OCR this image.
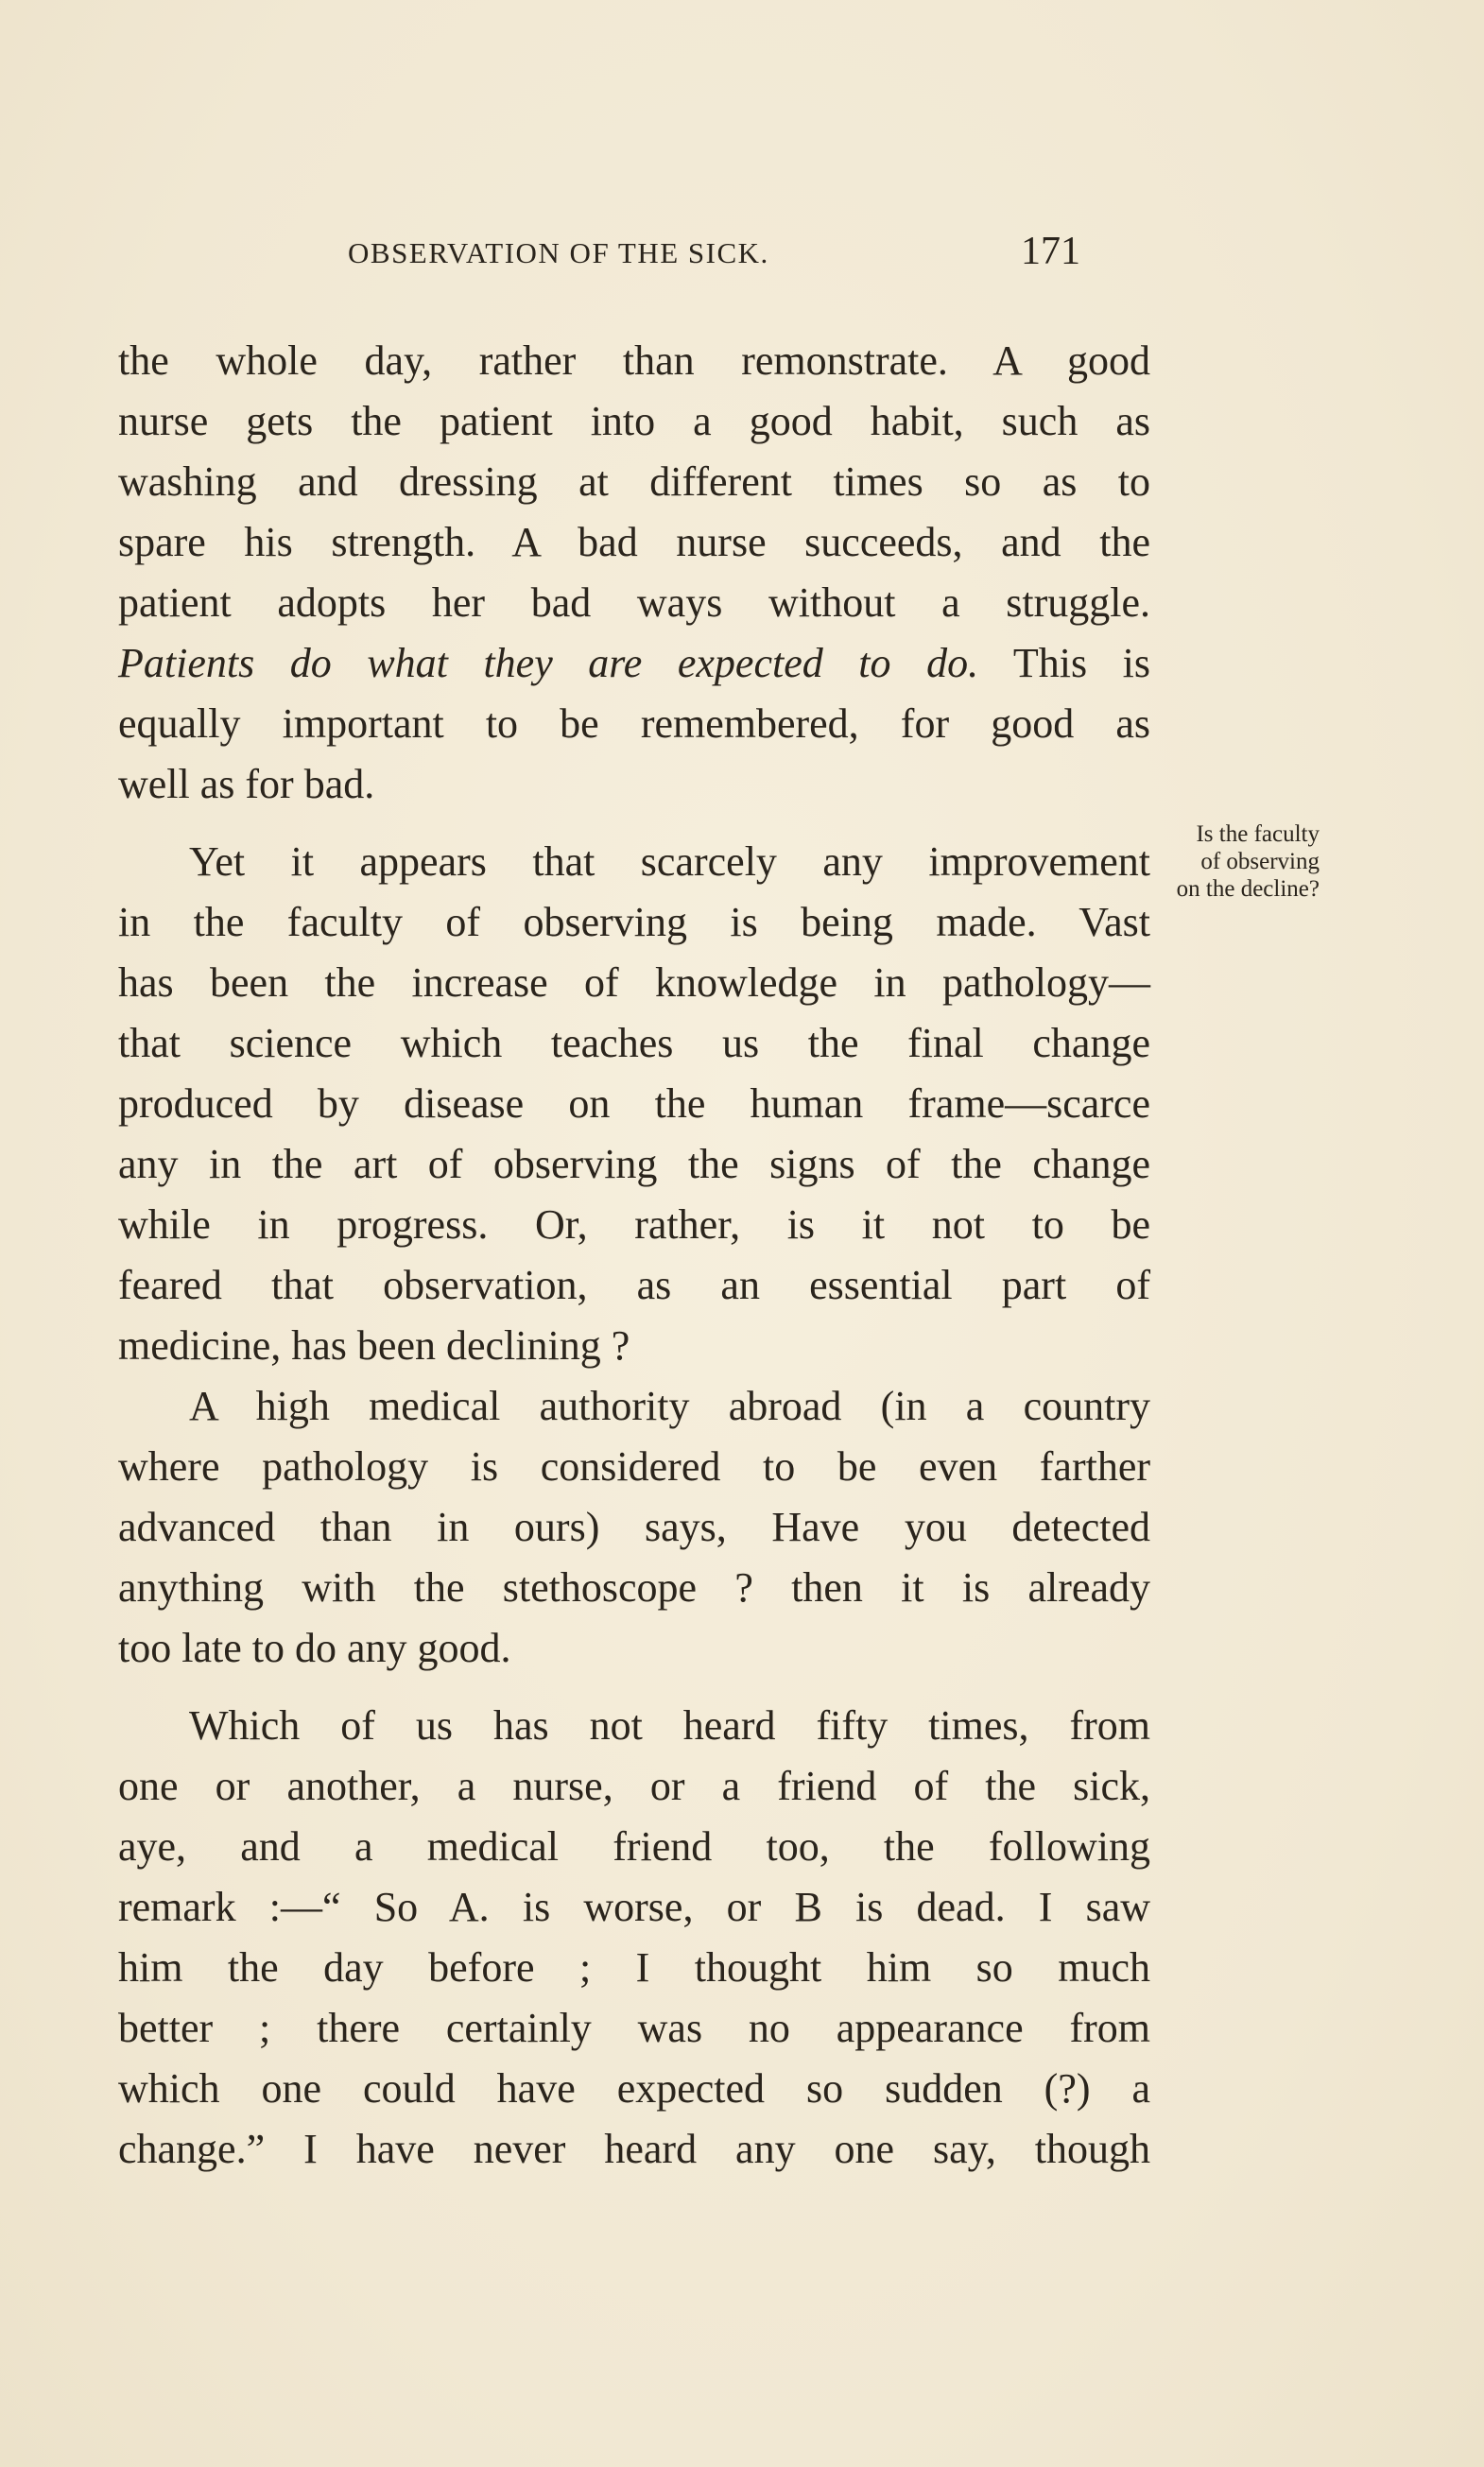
OBSERVATION OF THE SICK.	171
the whole day, rather than remonstrate. A good
nurse gets the patient into a good habit, such as
washing and dressing at different times so as to
spare his strength. A bad nurse succeeds, and the
patient adopts her bad ways without a struggle.
Patients do what they are expected to do. This is
equally important to be remembered, for good as
well as for bad.
Yet it appears that scarcely any improvement
in the faculty of observing is being made. Vast
has been the increase of knowledge in pathology—
that science which teaches us the final change
produced by disease on the human frame—scarce
any in the art of observing the signs of the change
while in progress. Or, rather, is it not to be
feared that observation, as an essential part of
medicine, has been declining ?
A high medical authority abroad (in a country
where pathology is considered to be even farther
advanced than in ours) says, Have you detected
anything with the stethoscope ? then it is already
too late to do any good.
Which of us has not heard fifty times, from
one or another, a nurse, or a friend of the sick,
aye, and a medical friend too, the following
remark :—“ So A. is worse, or B is dead. I saw
him the day before ; I thought him so much
better ; there certainly was no appearance from
which one could have expected so sudden (?) a
change.” I have never heard any one say, though
Is the faculty
of observing
on the decline?
